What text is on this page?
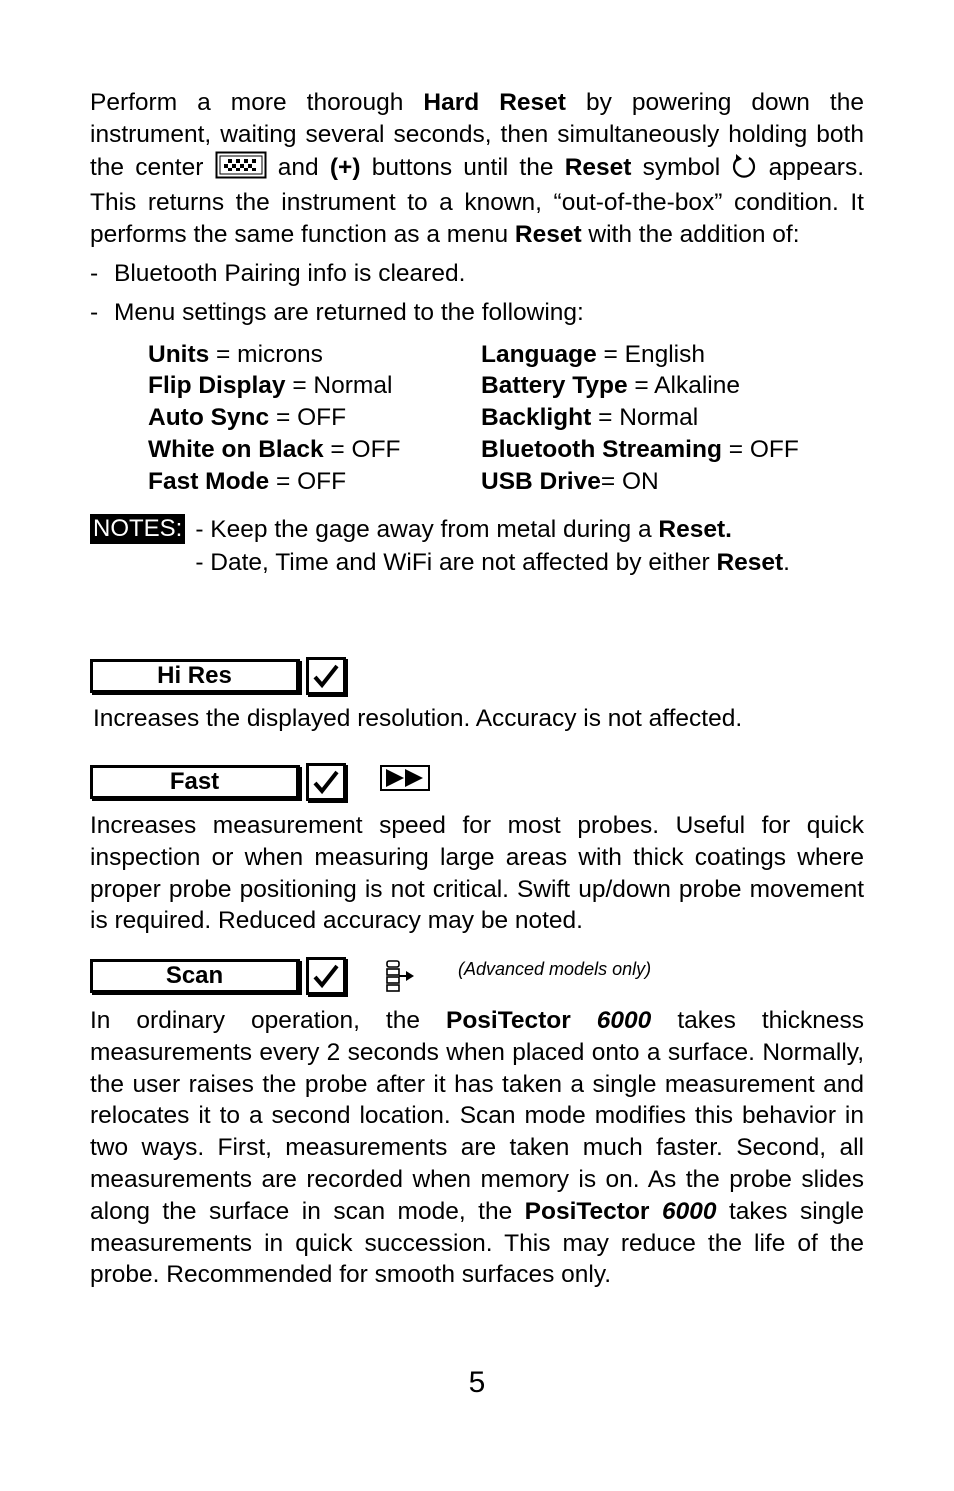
Perform a more thorough Hard Reset by powering down the instrument, waiting several seconds, then simultaneously holding both the center  and (+) buttons until the Reset symbol  appears. This returns the instrument to a known, “out-of-the-box” condition. It performs the same function as a menu Reset with the addition of:

- Bluetooth Pairing info is cleared.
- Menu settings are returned to the following:
Units = microns	Language = English
Flip Display = Normal	Battery Type = Alkaline
Auto Sync = OFF	Backlight = Normal
White on Black = OFF	Bluetooth Streaming = OFF
Fast Mode = OFF	USB Drive= ON
NOTES: - Keep the gage away from metal during a Reset.
- Date, Time and WiFi are not affected by either Reset.
Hi Res

Increases the displayed resolution. Accuracy is not affected.

Fast

Increases measurement speed for most probes. Useful for quick inspection or when measuring large areas with thick coatings where proper probe positioning is not critical. Swift up/down probe movement is required. Reduced accuracy may be noted.

Scan	(Advanced models only)

In ordinary operation, the PosiTector 6000 takes thickness measurements every 2 seconds when placed onto a surface. Normally, the user raises the probe after it has taken a single measurement and relocates it to a second location. Scan mode modifies this behavior in two ways. First, measurements are taken much faster. Second, all measurements are recorded when memory is on. As the probe slides along the surface in scan mode, the PosiTector 6000 takes single measurements in quick succession. This may reduce the life of the probe. Recommended for smooth surfaces only.

5
